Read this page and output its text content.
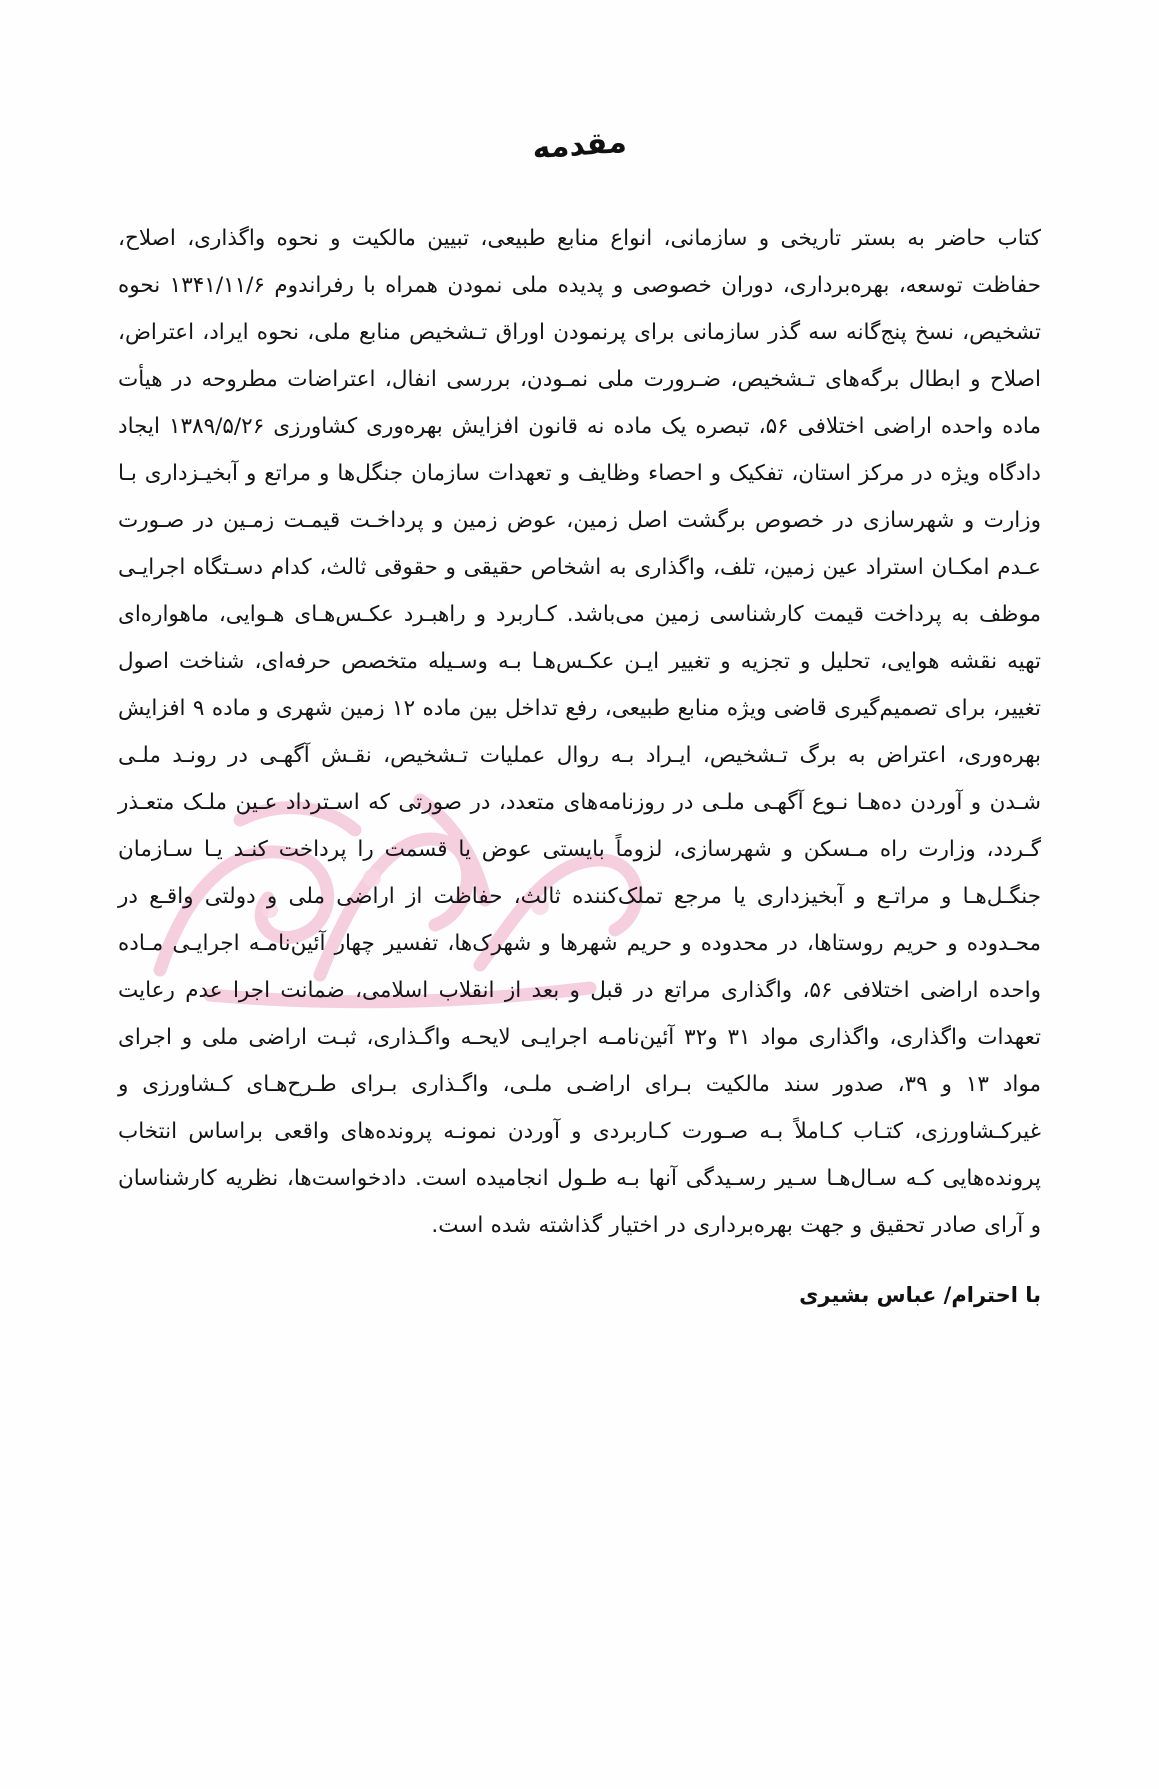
مقدمه

کتاب حاضر به بستر تاریخی و سازمانی، انواع منابع طبیعی، تبیین مالکیت و نحوه واگذاری، اصلاح، حفاظت توسعه، بهره‌برداری، دوران خصوصی و پدیده ملی نمودن همراه با رفراندوم ۱۳۴۱/۱۱/۶ نحوه تشخیص، نسخ پنج‌گانه سه گذر سازمانی برای پرنمودن اوراق تـشخیص منابع ملی، نحوه ایراد، اعتراض، اصلاح و ابطال برگه‌های تـشخیص، ضـرورت ملی نمـودن، بررسی انفال، اعتراضات مطروحه در هیأت ماده واحده اراضی اختلافی ۵۶، تبصره یک ماده نه قانون افزایش بهره‌وری کشاورزی ۱۳۸۹/۵/۲۶ ایجاد دادگاه ویژه در مرکز استان، تفکیک و احصاء وظایف و تعهدات سازمان جنگل‌ها و مراتع و آبخیـزداری بـا وزارت و شهرسازی در خصوص برگشت اصل زمین، عوض زمین و پرداخـت قیمـت زمـین در صـورت عـدم امکـان استراد عین زمین، تلف، واگذاری به اشخاص حقیقی و حقوقی ثالث، کدام دسـتگاه اجرایـی موظف به پرداخت قیمت کارشناسی زمین می‌باشد. کـاربرد و راهبـرد عکـس‌هـای هـوایی، ماهواره‌ای تهیه نقشه هوایی، تحلیل و تجزیه و تغییر ایـن عکـس‌هـا بـه وسـیله متخصص حرفه‌ای، شناخت اصول تغییر، برای تصمیم‌گیری قاضی ویژه منابع طبیعی، رفع تداخل بین ماده ۱۲ زمین شهری و ماده ۹ افزایش بهره‌وری، اعتراض به برگ تـشخیص، ایـراد بـه روال عملیات تـشخیص، نقـش آگهـی در رونـد ملـی شـدن و آوردن ده‌هـا نـوع آگهـی ملـی در روزنامه‌های متعدد، در صورتی که اسـترداد عـین ملـک متعـذر گـردد، وزارت راه مـسکن و شهرسازی، لزوماً بایستی عوض یا قسمت را پرداخت کنـد یـا سـازمان جنگـل‌هـا و مراتـع و آبخیزداری یا مرجع تملک‌کننده ثالث، حفاظت از اراضی ملی و دولتی واقـع در محـدوده و حریم روستاها، در محدوده و حریم شهرها و شهرک‌ها، تفسیر چهار آئین‌نامـه اجرایـی مـاده واحده اراضی اختلافی ۵۶، واگذاری مراتع در قبل و بعد از انقلاب اسلامی، ضمانت اجرا عدم رعایت تعهدات واگذاری، واگذاری مواد ۳۱ و۳۲ آئین‌نامـه اجرایـی لایحـه واگـذاری، ثبـت اراضی ملی و اجرای مواد ۱۳ و ۳۹، صدور سند مالکیت بـرای اراضـی ملـی، واگـذاری بـرای طـرح‌هـای کـشاورزی و غیرکـشاورزی، کتـاب کـاملاً بـه صـورت کـاربردی و آوردن نمونـه پرونده‌های واقعی براساس انتخاب پرونده‌هایی کـه سـال‌هـا سـیر رسـیدگی آنها بـه طـول انجامیده است. دادخواست‌ها، نظریه کارشناسان و آرای صادر تحقیق و جهت بهره‌برداری در اختیار گذاشته شده است.

با احترام/ عباس بشیری
